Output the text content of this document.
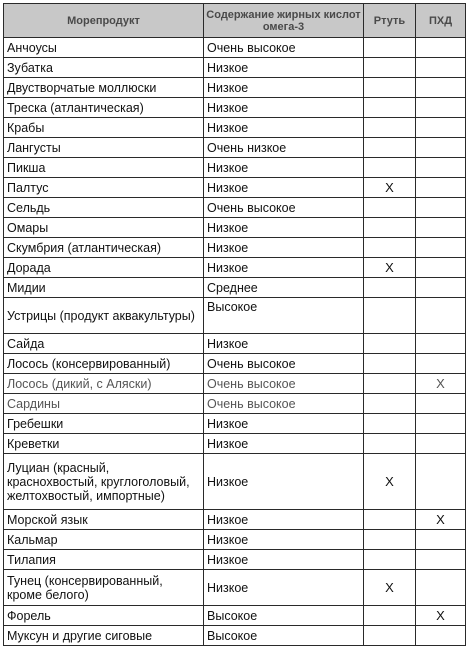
Морепродукт	Содержание жирных кислот омега-3	Ртуть	ПХД
Анчоусы	Очень высокое		
Зубатка	Низкое		
Двустворчатые моллюски	Низкое		
Треска (атлантическая)	Низкое		
Крабы	Низкое		
Лангусты	Очень низкое		
Пикша	Низкое		
Палтус	Низкое	X	
Сельдь	Очень высокое		
Омары	Низкое		
Скумбрия (атлантическая)	Низкое		
Дорада	Низкое	X	
Мидии	Среднее		
Устрицы (продукт аквакультуры)	Высокое		
Сайда	Низкое		
Лосось (консервированный)	Очень высокое		
Лосось (дикий, с Аляски)	Очень высокое		X
Сардины	Очень высокое		
Гребешки	Низкое		
Креветки	Низкое		
Луциан (красный, краснохвостый, круглоголовый, желтохвостый, импортные)	Низкое	X	
Морской язык	Низкое		X
Кальмар	Низкое		
Тилапия	Низкое		
Тунец (консервированный, кроме белого)	Низкое	X	
Форель	Высокое		X
Муксун и другие сиговые	Высокое		
